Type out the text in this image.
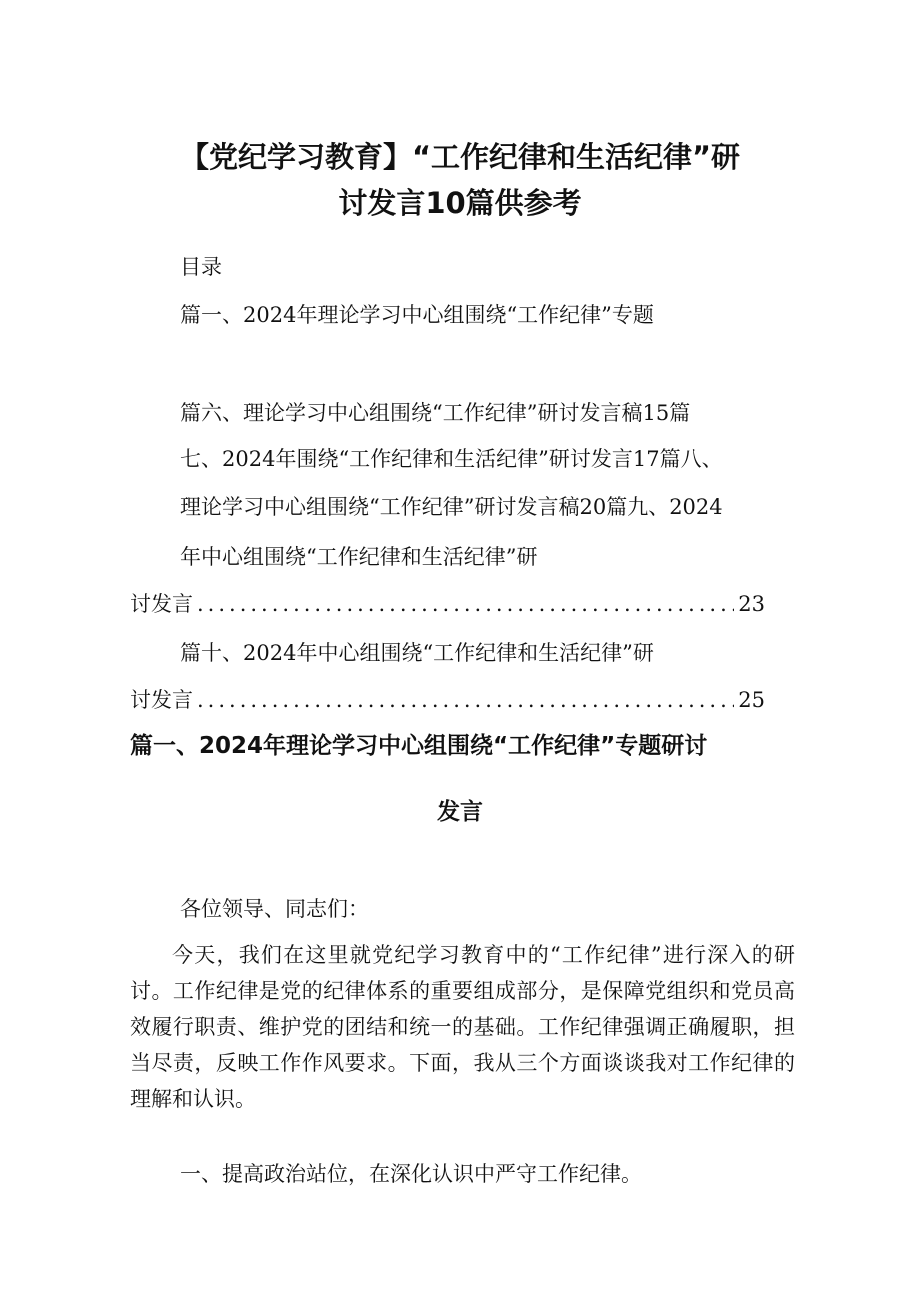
【党纪学习教育】“工作纪律和生活纪律”研
讨发言10篇供参考
目录
篇一、2024年理论学习中心组围绕“工作纪律”专题
篇六、理论学习中心组围绕“工作纪律”研讨发言稿15篇
七、2024年围绕“工作纪律和生活纪律”研讨发言17篇八、
理论学习中心组围绕“工作纪律”研讨发言稿20篇九、2024
年中心组围绕“工作纪律和生活纪律”研
讨发言 .....	23
篇十、2024年中心组围绕“工作纪律和生活纪律”研
讨发言 .....	25
篇一、2024年理论学习中心组围绕“工作纪律”专题研讨
发言
各位领导、同志们：
今天，我们在这里就党纪学习教育中的“工作纪律”进行深入的研讨。工作纪律是党的纪律体系的重要组成部分，是保障党组织和党员高效履行职责、维护党的团结和统一的基础。工作纪律强调正确履职，担当尽责，反映工作作风要求。下面，我从三个方面谈谈我对工作纪律的理解和认识。
一、提高政治站位，在深化认识中严守工作纪律。
